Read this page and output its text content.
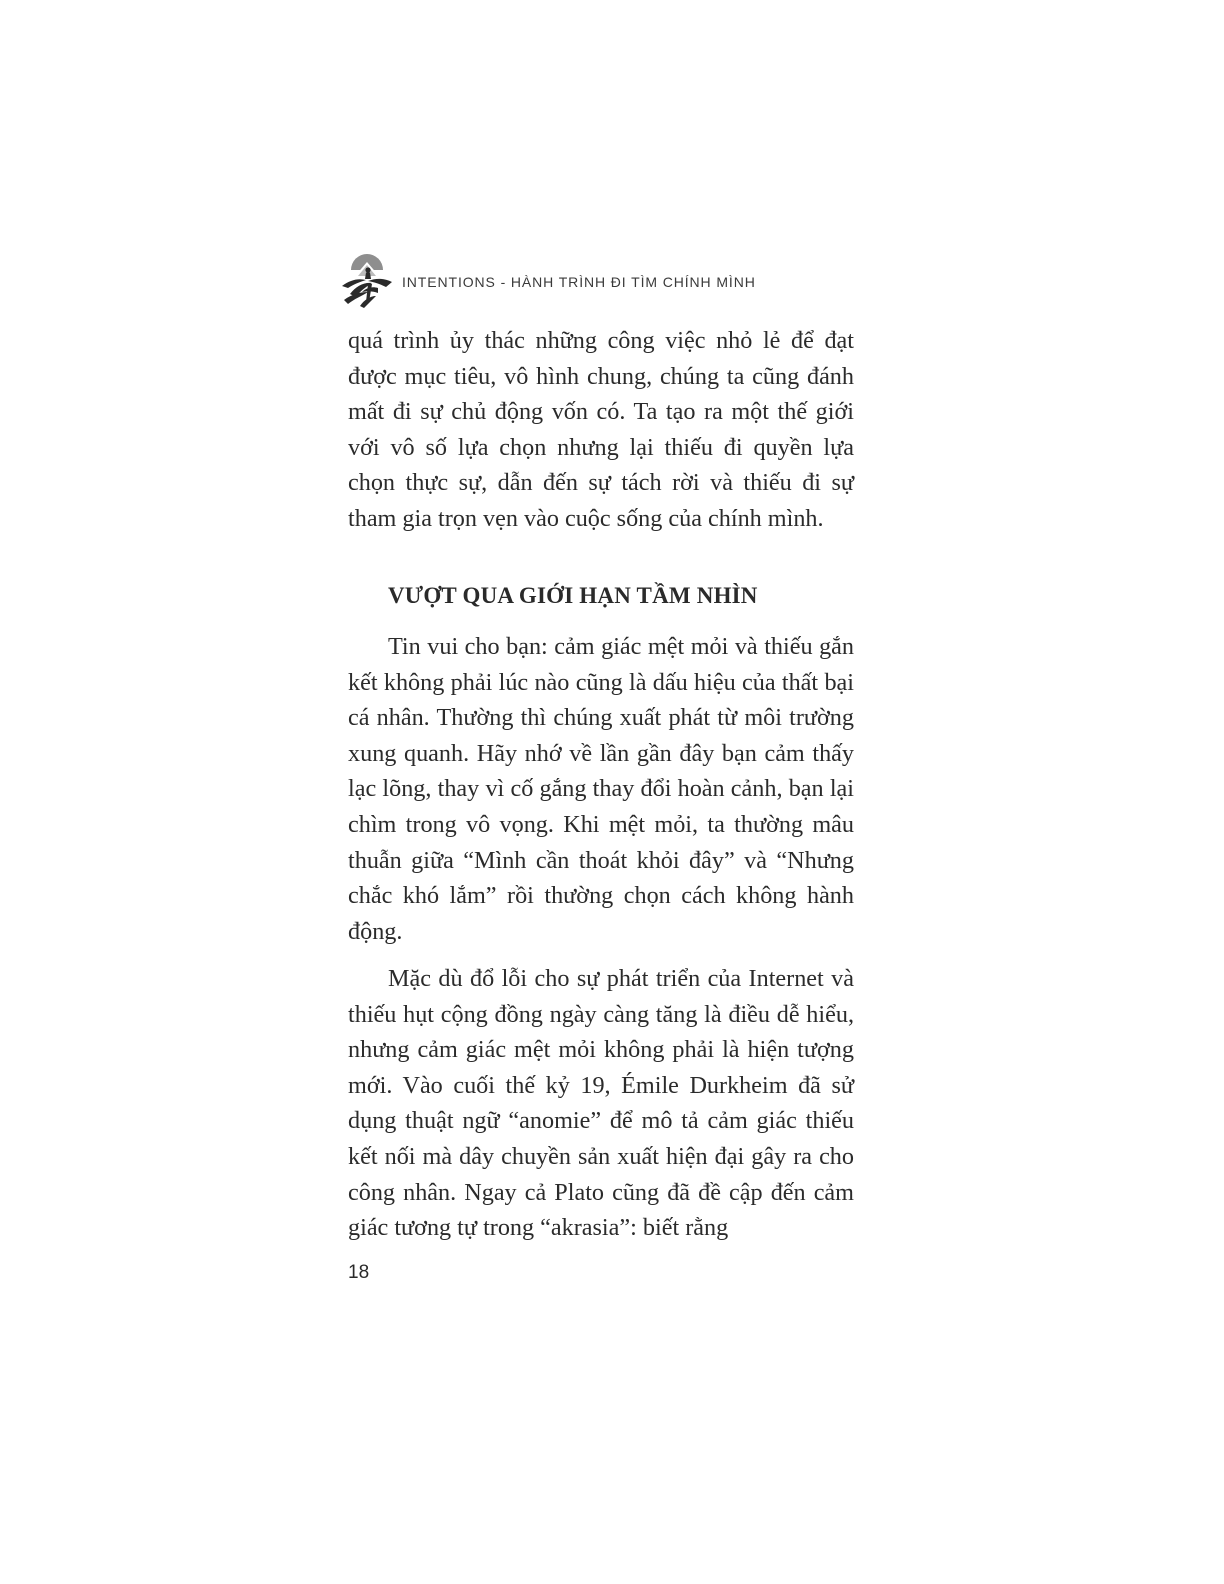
INTENTIONS - HÀNH TRÌNH ĐI TÌM CHÍNH MÌNH

quá trình ủy thác những công việc nhỏ lẻ để đạt được mục tiêu, vô hình chung, chúng ta cũng đánh mất đi sự chủ động vốn có. Ta tạo ra một thế giới với vô số lựa chọn nhưng lại thiếu đi quyền lựa chọn thực sự, dẫn đến sự tách rời và thiếu đi sự tham gia trọn vẹn vào cuộc sống của chính mình.

VƯỢT QUA GIỚI HẠN TẦM NHÌN

Tin vui cho bạn: cảm giác mệt mỏi và thiếu gắn kết không phải lúc nào cũng là dấu hiệu của thất bại cá nhân. Thường thì chúng xuất phát từ môi trường xung quanh. Hãy nhớ về lần gần đây bạn cảm thấy lạc lõng, thay vì cố gắng thay đổi hoàn cảnh, bạn lại chìm trong vô vọng. Khi mệt mỏi, ta thường mâu thuẫn giữa “Mình cần thoát khỏi đây” và “Nhưng chắc khó lắm” rồi thường chọn cách không hành động.

Mặc dù đổ lỗi cho sự phát triển của Internet và thiếu hụt cộng đồng ngày càng tăng là điều dễ hiểu, nhưng cảm giác mệt mỏi không phải là hiện tượng mới. Vào cuối thế kỷ 19, Émile Durkheim đã sử dụng thuật ngữ “anomie” để mô tả cảm giác thiếu kết nối mà dây chuyền sản xuất hiện đại gây ra cho công nhân. Ngay cả Plato cũng đã đề cập đến cảm giác tương tự trong “akrasia”: biết rằng

18
